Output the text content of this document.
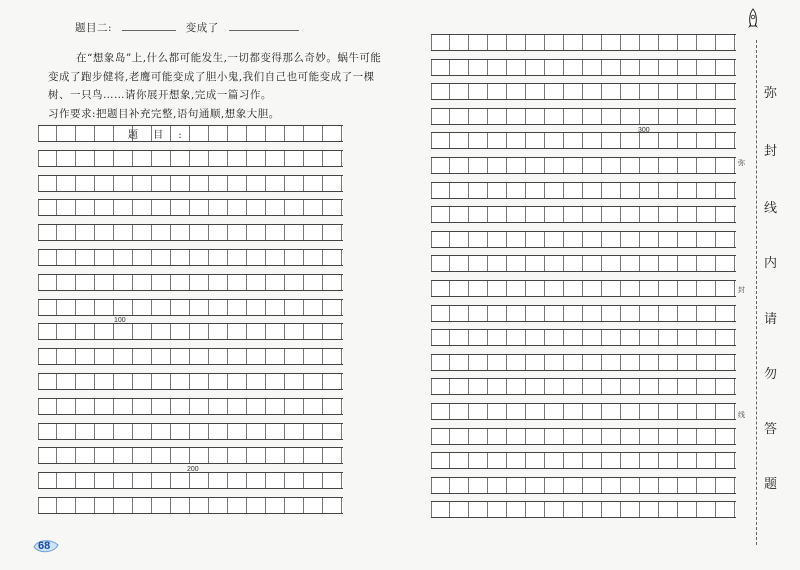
题目二:	变成了
在“想象岛”上,什么都可能发生,一切都变得那么奇妙。蜗牛可能
变成了跑步健将,老鹰可能变成了胆小鬼,我们自己也可能变成了一棵
树、一只鸟……请你展开想象,完成一篇习作。
习作要求:把题目补充完整,语句通顺,想象大胆。
题 目 :
100
200
300
弥
封
线
内
请
勿
答
题
弥
封
线
68
